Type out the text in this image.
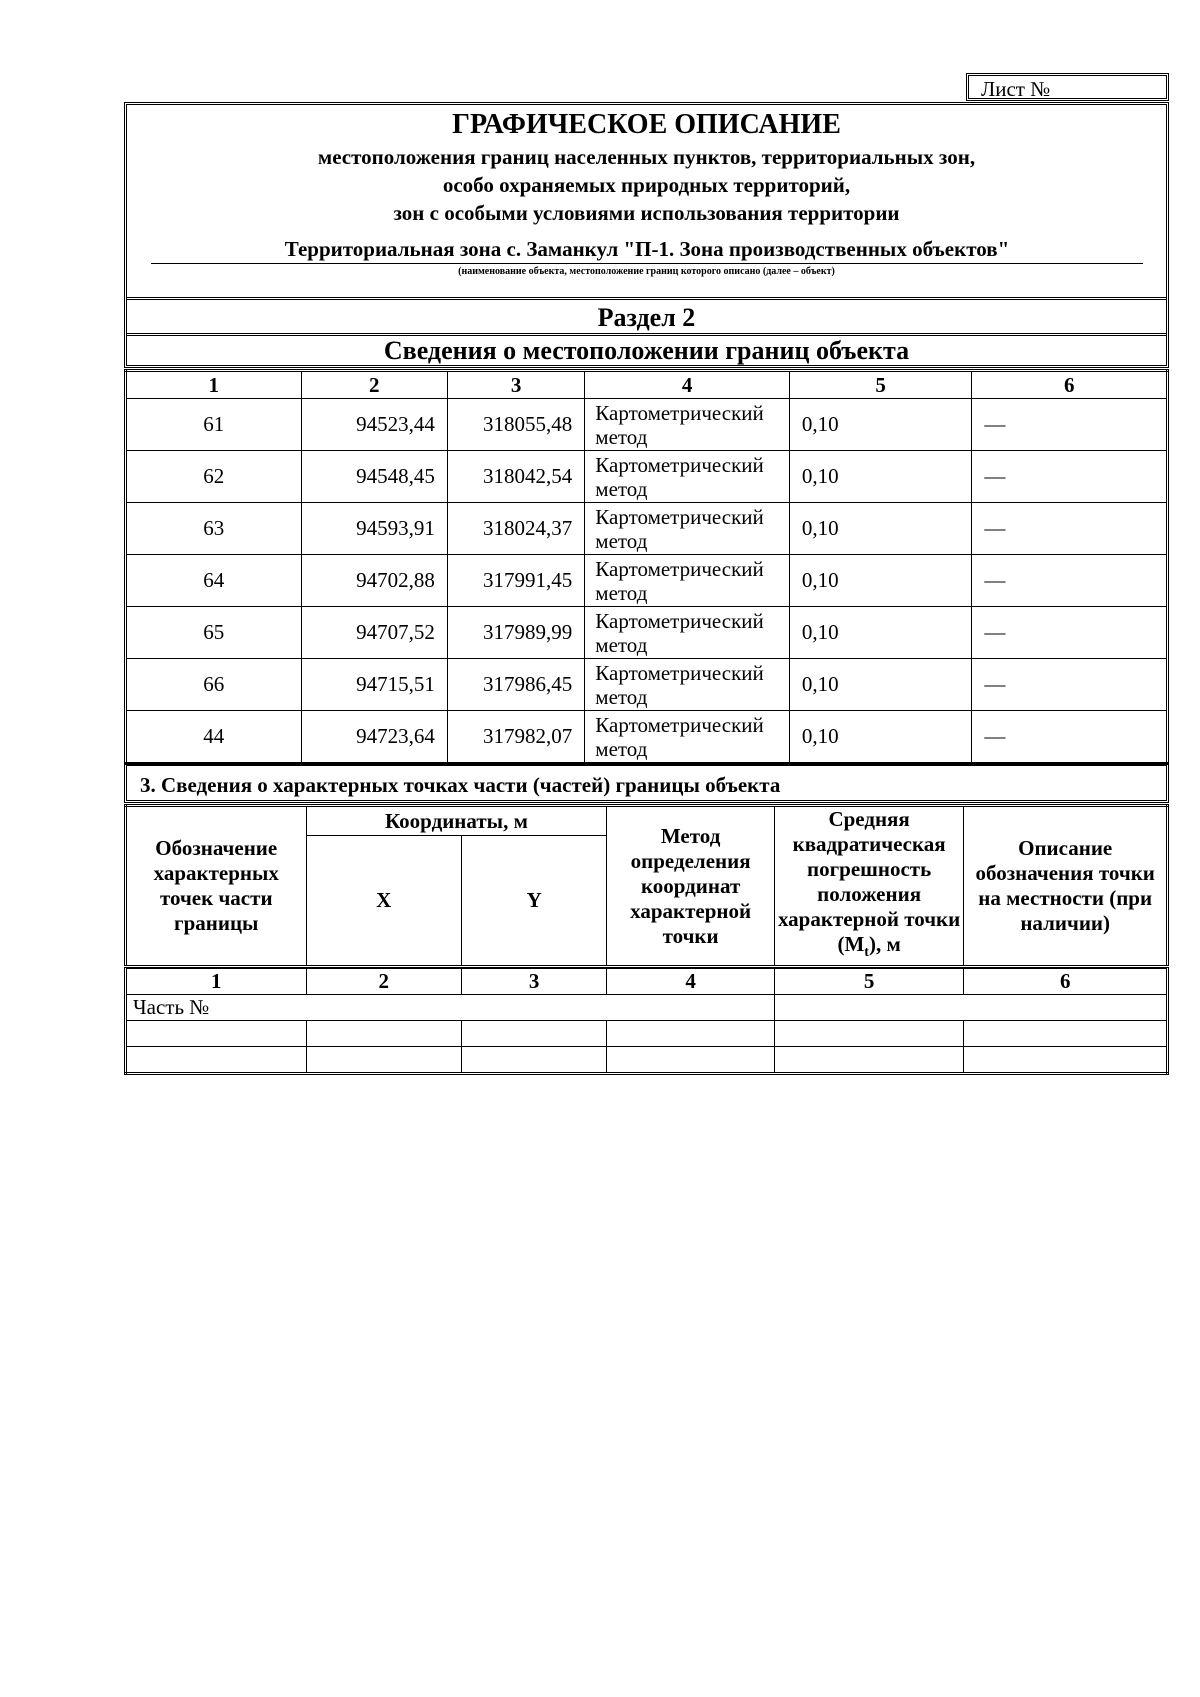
Лист №
ГРАФИЧЕСКОЕ ОПИСАНИЕ
местоположения границ населенных пунктов, территориальных зон,
особо охраняемых природных территорий,
зон с особыми условиями использования территории
Территориальная зона с. Заманкул "П-1. Зона производственных объектов"
(наименование объекта, местоположение границ которого описано (далее – объект)
Раздел 2
Сведения о местоположении границ объекта
1	2	3	4	5	6
61	94523,44	318055,48	Картометрический метод	0,10	—
62	94548,45	318042,54	Картометрический метод	0,10	—
63	94593,91	318024,37	Картометрический метод	0,10	—
64	94702,88	317991,45	Картометрический метод	0,10	—
65	94707,52	317989,99	Картометрический метод	0,10	—
66	94715,51	317986,45	Картометрический метод	0,10	—
44	94723,64	317982,07	Картометрический метод	0,10	—
3. Сведения о характерных точках части (частей) границы объекта
Обозначение характерных точек части границы	Координаты, м		Метод определения координат характерной точки	Средняя квадратическая погрешность положения характерной точки $(M_t)$, м	Описание обозначения точки на местности (при наличии)
	X	Y			

1	2	3	4	5	6
Часть №					
